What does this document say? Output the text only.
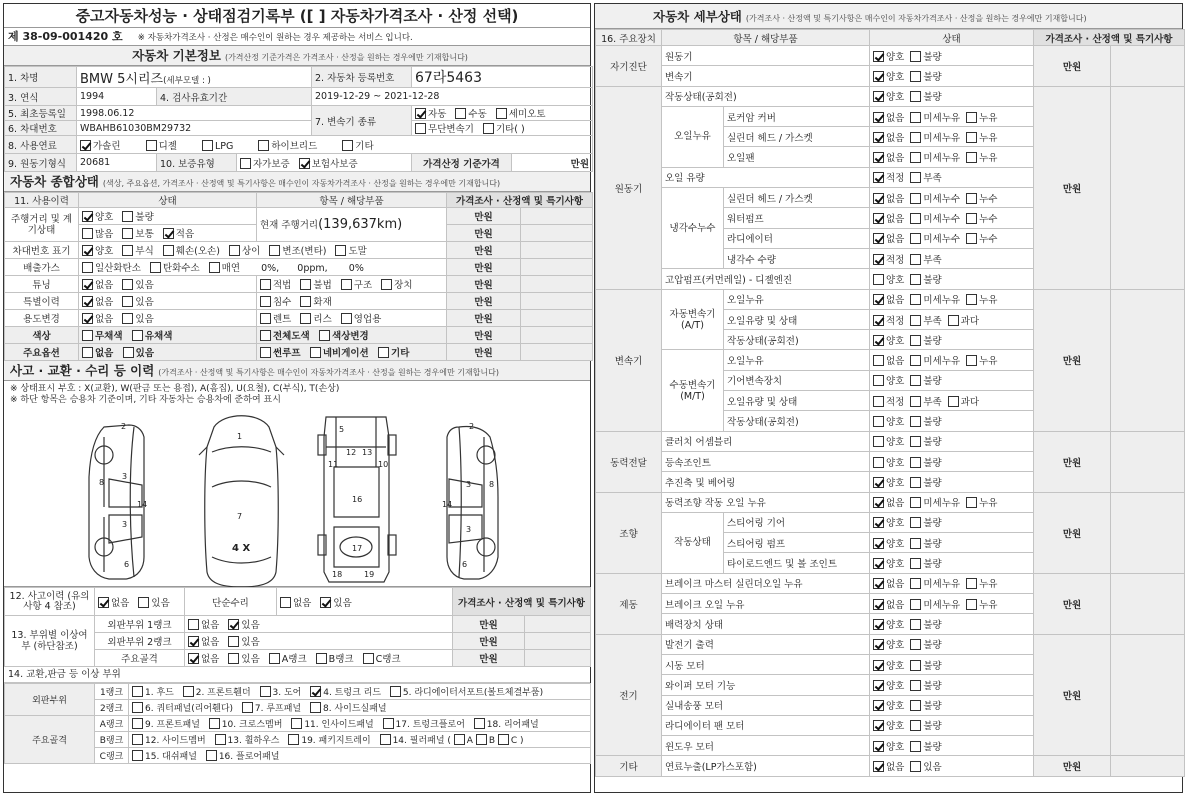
중고자동차성능 · 상태점검기록부 ([ ] 자동차가격조사 · 산정 선택)
제 38-09-001420 호 ※ 자동차가격조사 · 산정은 매수인이 원하는 경우 제공하는 서비스 입니다.
자동차 기본정보 (가격산정 기준가격은 가격조사 · 산정을 원하는 경우에만 기재합니다)
1. 차명	BMW 5시리즈(세부모델 : )			2. 자동차 등록번호	67라5463	
3. 연식	1994	4. 검사유효기간		2019-12-29 ~ 2021-12-28		
5. 최초등록일	1998.06.12			7. 변속기 종류	자동 수동 세미오토	
6. 차대번호	WBAHB61030BM29732				무단변속기 기타( )	
8. 사용연료	가솔린 디젤 LPG 하이브리드 기타					
9. 원동기형식	20681	10. 보증유형	자가보증 보험사보증		가격산정 기준가격	만원
자동차 종합상태 (색상, 주요옵션, 가격조사 · 산정액 및 특기사항은 매수인이 자동차가격조사 · 산정을 원하는 경우에만 기재합니다)
11. 사용이력	상태	항목 / 해당부품	가격조사 · 산정액 및 특기사항	
주행거리 및 계기상태	양호 불량	현재 주행거리(139,637km)	만원	
	많음 보통 적음		만원	
차대번호 표기	양호 부식 훼손(오손) 상이 변조(변타) 도말		만원	
배출가스	일산화탄소 탄화수소 매연 0%,      0ppm,       0%		만원	
튜닝	없음 있음	적법 불법 구조 장치	만원	
특별이력	없음 있음	침수 화재	만원	
용도변경	없음 있음	렌트 리스 영업용	만원	
색상	무채색 유채색	전체도색 색상변경	만원	
주요옵션	없음 있음	썬루프 네비게이션 기타	만원	
사고 · 교환 · 수리 등 이력 (가격조사 · 산정액 및 특기사항은 매수인이 자동차가격조사 · 산정을 원하는 경우에만 기재합니다)
※ 상태표시 부호 : X(교환), W(판금 또는 용접), A(흠집), U(요철), C(부식), T(손상)
※ 하단 항목은 승용차 기준이며, 기타 자동차는 승용차에 준하여 표시
2
3
3
8
14
6
1
7
5
12 13
11	10
16
17
18	19
2
3
3
8
14
6
4 X
12. 사고이력 (유의사항 4 참조)	없음 있음	단순수리	없음 있음	가격조사 · 산정액 및 특기사항	
13. 부위별 이상여부 (하단참조)	외판부위 1랭크	없음 있음		만원	
	외판부위 2랭크	없음 있음		만원	
	주요골격	없음 있음 A랭크 B랭크 C랭크		만원	
14. 교환,판금 등 이상 부위
외판부위	1랭크	1. 후드 2. 프론트휀더 3. 도어 4. 트렁크 리드 5. 라디에이터서포트(볼트체결부품)
	2랭크	6. 쿼터패널(리어휀다) 7. 루프패널 8. 사이드실패널
주요골격	A랭크	9. 프론트패널 10. 크로스멤버 11. 인사이드패널 17. 트렁크플로어 18. 리어패널
	B랭크	12. 사이드멤버 13. 휠하우스 19. 패키지트레이 14. 필러패널 ( A B C )
	C랭크	15. 대쉬패널 16. 플로어패널
자동차 세부상태 (가격조사 · 산정액 및 특기사항은 매수인이 자동차가격조사 · 산정을 원하는 경우에만 기재합니다)
16. 주요장치	항목 / 해당부품		상태	가격조사 · 산정액 및 특기사항	
자기진단	원동기		양호 불량	만원	
	변속기		양호 불량		
원동기	작동상태(공회전)		양호 불량	만원	
	오일누유	로커암 커버	없음 미세누유 누유		
		실린더 헤드 / 가스켓	없음 미세누유 누유		
		오일팬	없음 미세누유 누유		
	오일 유량		적정 부족		
	냉각수누수	실린더 헤드 / 가스켓	없음 미세누수 누수		
		워터펌프	없음 미세누수 누수		
		라디에이터	없음 미세누수 누수		
		냉각수 수량	적정 부족		
	고압펌프(커먼레일) - 디젤엔진		양호 불량		
변속기	자동변속기 (A/T)	오일누유	없음 미세누유 누유	만원	
		오일유량 및 상태	적정 부족 과다		
		작동상태(공회전)	양호 불량		
	수동변속기 (M/T)	오일누유	없음 미세누유 누유		
		기어변속장치	양호 불량		
		오일유량 및 상태	적정 부족 과다		
		작동상태(공회전)	양호 불량		
동력전달	클러치 어셈블리		양호 불량	만원	
	등속조인트		양호 불량		
	추진축 및 베어링		양호 불량		
조향	동력조향 작동 오일 누유		없음 미세누유 누유	만원	
	작동상태	스티어링 기어	양호 불량		
		스티어링 펌프	양호 불량		
		타이로드엔드 및 볼 조인트	양호 불량		
제동	브레이크 마스터 실린더오일 누유		없음 미세누유 누유	만원	
	브레이크 오일 누유		없음 미세누유 누유		
	배력장치 상태		양호 불량		
전기	발전기 출력		양호 불량	만원	
	시동 모터		양호 불량		
	와이퍼 모터 기능		양호 불량		
	실내송풍 모터		양호 불량		
	라디에이터 팬 모터		양호 불량		
	윈도우 모터		양호 불량		
기타	연료누출(LP가스포함)		없음 있음	만원	
